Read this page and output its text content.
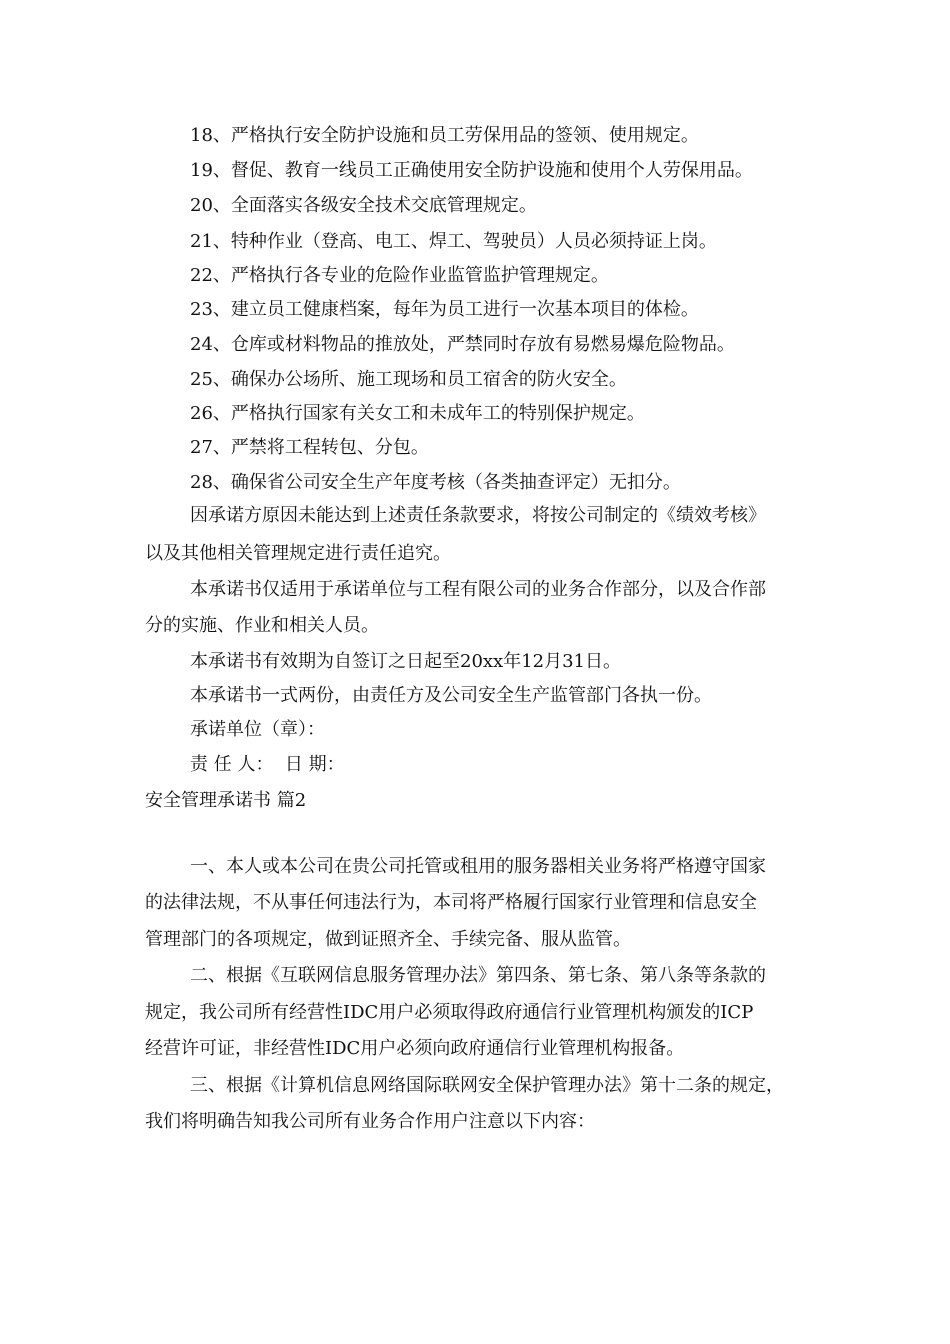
18、严格执行安全防护设施和员工劳保用品的签领、使用规定。
19、督促、教育一线员工正确使用安全防护设施和使用个人劳保用品。
20、全面落实各级安全技术交底管理规定。
21、特种作业（登高、电工、焊工、驾驶员）人员必须持证上岗。
22、严格执行各专业的危险作业监管监护管理规定。
23、建立员工健康档案，每年为员工进行一次基本项目的体检。
24、仓库或材料物品的推放处，严禁同时存放有易燃易爆危险物品。
25、确保办公场所、施工现场和员工宿舍的防火安全。
26、严格执行国家有关女工和未成年工的特别保护规定。
27、严禁将工程转包、分包。
28、确保省公司安全生产年度考核（各类抽查评定）无扣分。
因承诺方原因未能达到上述责任条款要求，将按公司制定的《绩效考核》
以及其他相关管理规定进行责任追究。
本承诺书仅适用于承诺单位与工程有限公司的业务合作部分，以及合作部
分的实施、作业和相关人员。
本承诺书有效期为自签订之日起至20xx年12月31日。
本承诺书一式两份，由责任方及公司安全生产监管部门各执一份。
承诺单位（章）：
责 任 人：  日 期：
安全管理承诺书 篇2
一、本人或本公司在贵公司托管或租用的服务器相关业务将严格遵守国家
的法律法规，不从事任何违法行为，本司将严格履行国家行业管理和信息安全
管理部门的各项规定，做到证照齐全、手续完备、服从监管。
二、根据《互联网信息服务管理办法》第四条、第七条、第八条等条款的
规定，我公司所有经营性IDC用户必须取得政府通信行业管理机构颁发的ICP
经营许可证，非经营性IDC用户必须向政府通信行业管理机构报备。
三、根据《计算机信息网络国际联网安全保护管理办法》第十二条的规定，
我们将明确告知我公司所有业务合作用户注意以下内容：
